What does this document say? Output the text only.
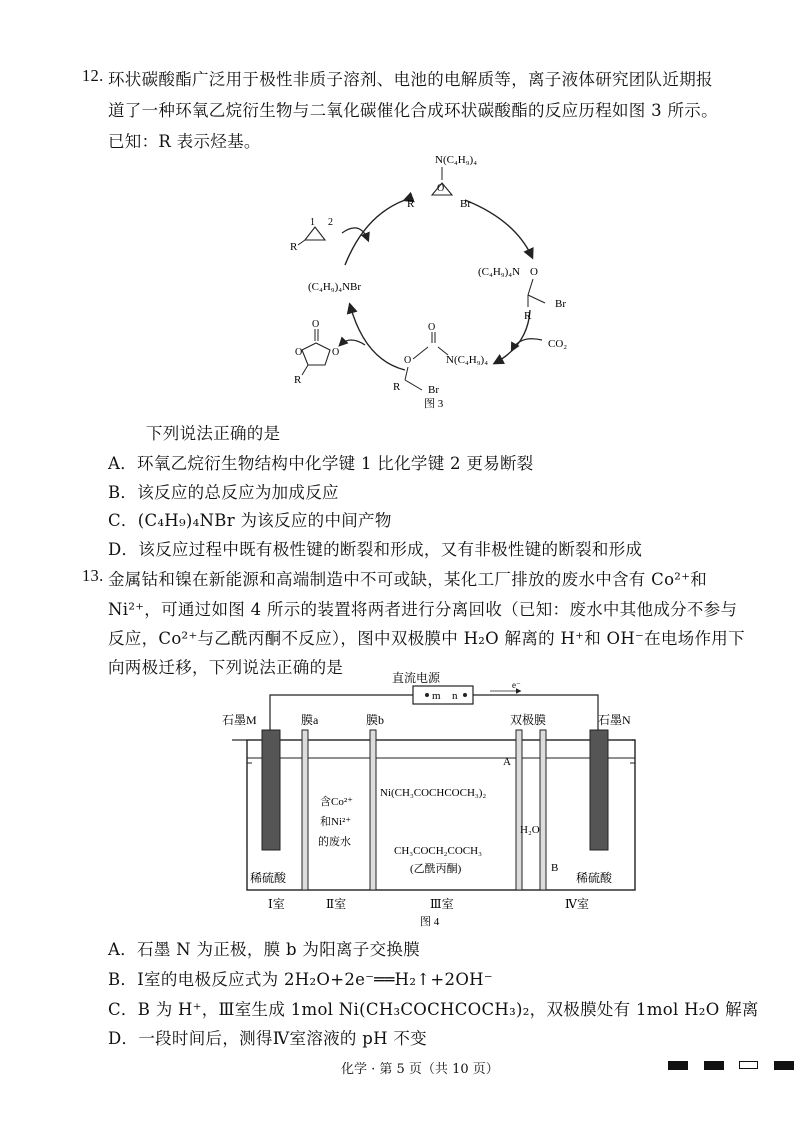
12. 环状碳酸酯广泛用于极性非质子溶剂、电池的电解质等，离子液体研究团队近期报
道了一种环氧乙烷衍生物与二氧化碳催化合成环状碳酸酯的反应历程如图 3 所示。
已知：R 表示烃基。
N(C₄H₉)₄
O
R	Br
R
1 2
(C₄H₉)₄NBr
(C₄H₉)₄N O
R
Br
CO₂
O
O	N(C₄H₉)₄
R	Br
O
O	O
R
图 3
下列说法正确的是
A．环氧乙烷衍生物结构中化学键 1 比化学键 2 更易断裂
B．该反应的总反应为加成反应
C．(C₄H₉)₄NBr 为该反应的中间产物
D．该反应过程中既有极性键的断裂和形成，又有非极性键的断裂和形成
13. 金属钴和镍在新能源和高端制造中不可或缺，某化工厂排放的废水中含有 Co²⁺和
Ni²⁺，可通过如图 4 所示的装置将两者进行分离回收（已知：废水中其他成分不参与
反应，Co²⁺与乙酰丙酮不反应），图中双极膜中 H₂O 解离的 H⁺和 OH⁻在电场作用下
向两极迁移，下列说法正确的是
直流电源
m n
e⁻
石墨M	膜a	膜b	双极膜	石墨N
含Co²⁺
和Ni²⁺
的废水
A
Ni(CH₃COCHCOCH₃)₂
CH₃COCH₂COCH₃
(乙酰丙酮)
H₂O
B
稀硫酸	稀硫酸
Ⅰ室	Ⅱ室	Ⅲ室	Ⅳ室
图 4
A．石墨 N 为正极，膜 b 为阳离子交换膜
B．Ⅰ室的电极反应式为 2H₂O+2e⁻══H₂↑+2OH⁻
C．B 为 H⁺，Ⅲ室生成 1mol Ni(CH₃COCHCOCH₃)₂，双极膜处有 1mol H₂O 解离
D．一段时间后，测得Ⅳ室溶液的 pH 不变
化学 · 第 5 页（共 10 页）
